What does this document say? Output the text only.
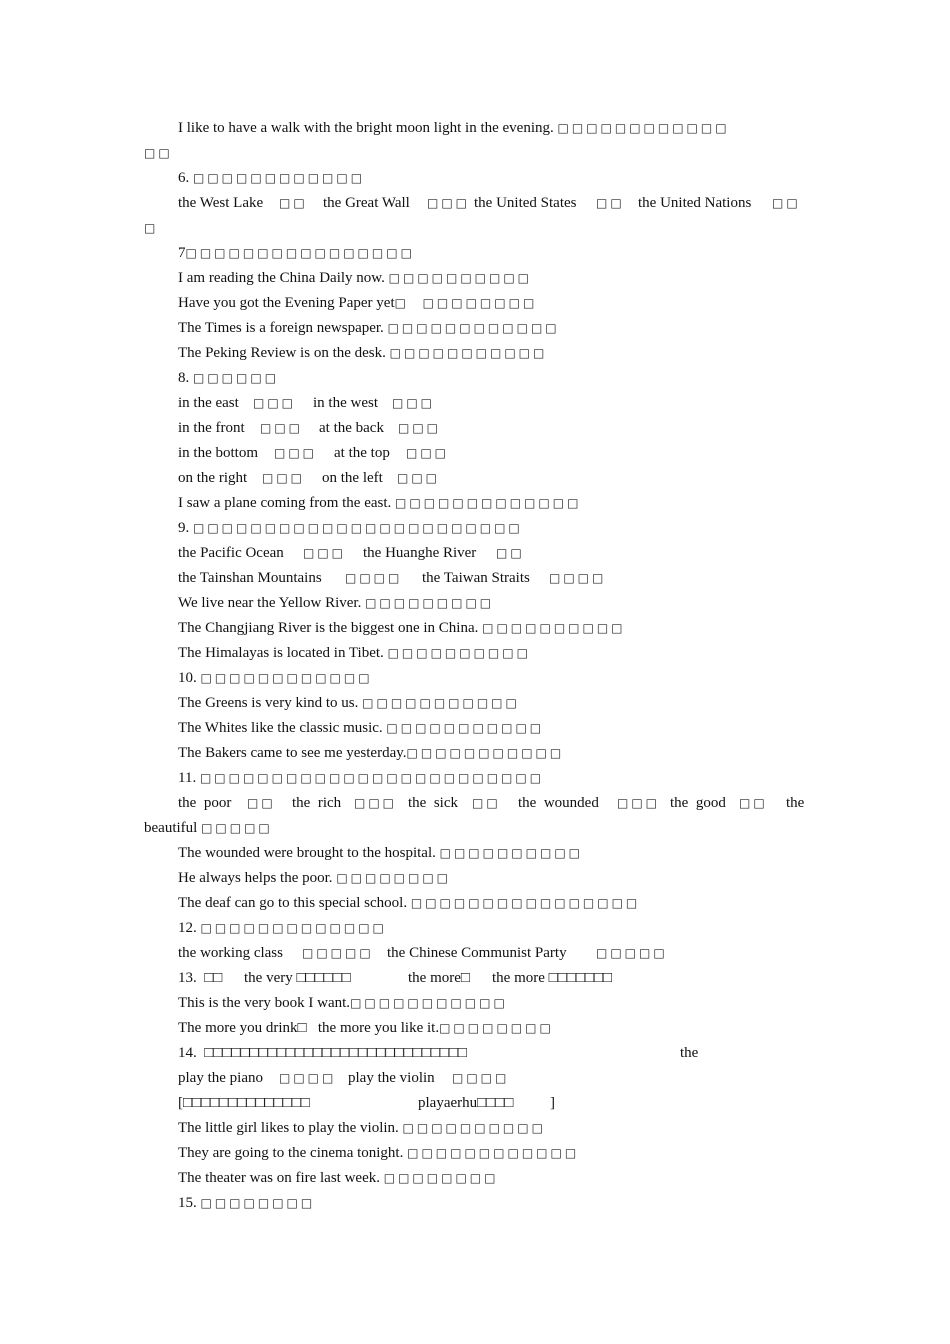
I like to have a walk with the bright moon light in the evening. □□□□□□□□□□□□
□□
6. □□□□□□□□□□□□
the West Lake □□ the Great Wall □□□ the United States □□ the United Nations □□
□
7□□□□□□□□□□□□□□□□
I am reading the China Daily now. □□□□□□□□□□
Have you got the Evening Paper yet□  □□□□□□□□
The Times is a foreign newspaper. □□□□□□□□□□□□
The Peking Review is on the desk. □□□□□□□□□□□
8. □□□□□□
in the east □□□ in the west □□□
in the front □□□ at the back □□□
in the bottom □□□ at the top □□□
on the right □□□ on the left □□□
I saw a plane coming from the east. □□□□□□□□□□□□□
9. □□□□□□□□□□□□□□□□□□□□□□□
the Pacific Ocean □□□ the Huanghe River □□
the Tainshan Mountains □□□□ the Taiwan Straits □□□□
We live near the Yellow River. □□□□□□□□□
The Changjiang River is the biggest one in China. □□□□□□□□□□
The Himalayas is located in Tibet. □□□□□□□□□□
10. □□□□□□□□□□□□
The Greens is very kind to us. □□□□□□□□□□□
The Whites like the classic music. □□□□□□□□□□□
The Bakers came to see me yesterday.□□□□□□□□□□□
11. □□□□□□□□□□□□□□□□□□□□□□□□
the  poor □□ the  rich □□□ the  sick □□ the  wounded □□□ the  good □□ the
beautiful □□□□□
The wounded were brought to the hospital. □□□□□□□□□□
He always helps the poor. □□□□□□□□
The deaf can go to this special school. □□□□□□□□□□□□□□□□
12. □□□□□□□□□□□□□
the working class □□□□□ the Chinese Communist Party □□□□□
13.  □□ the very □□□□□□	the more□ the more □□□□□□□
This is the very book I want.□□□□□□□□□□□
The more you drink□   the more you like it.□□□□□□□□
14.  □□□□□□□□□□□□□□□□□□□□□□□□□□□□□	the
play the piano □□□□ play the violin □□□□
[□□□□□□□□□□□□□□	playaerhu□□□□ ]
The little girl likes to play the violin. □□□□□□□□□□
They are going to the cinema tonight. □□□□□□□□□□□□
The theater was on fire last week. □□□□□□□□
15. □□□□□□□□
